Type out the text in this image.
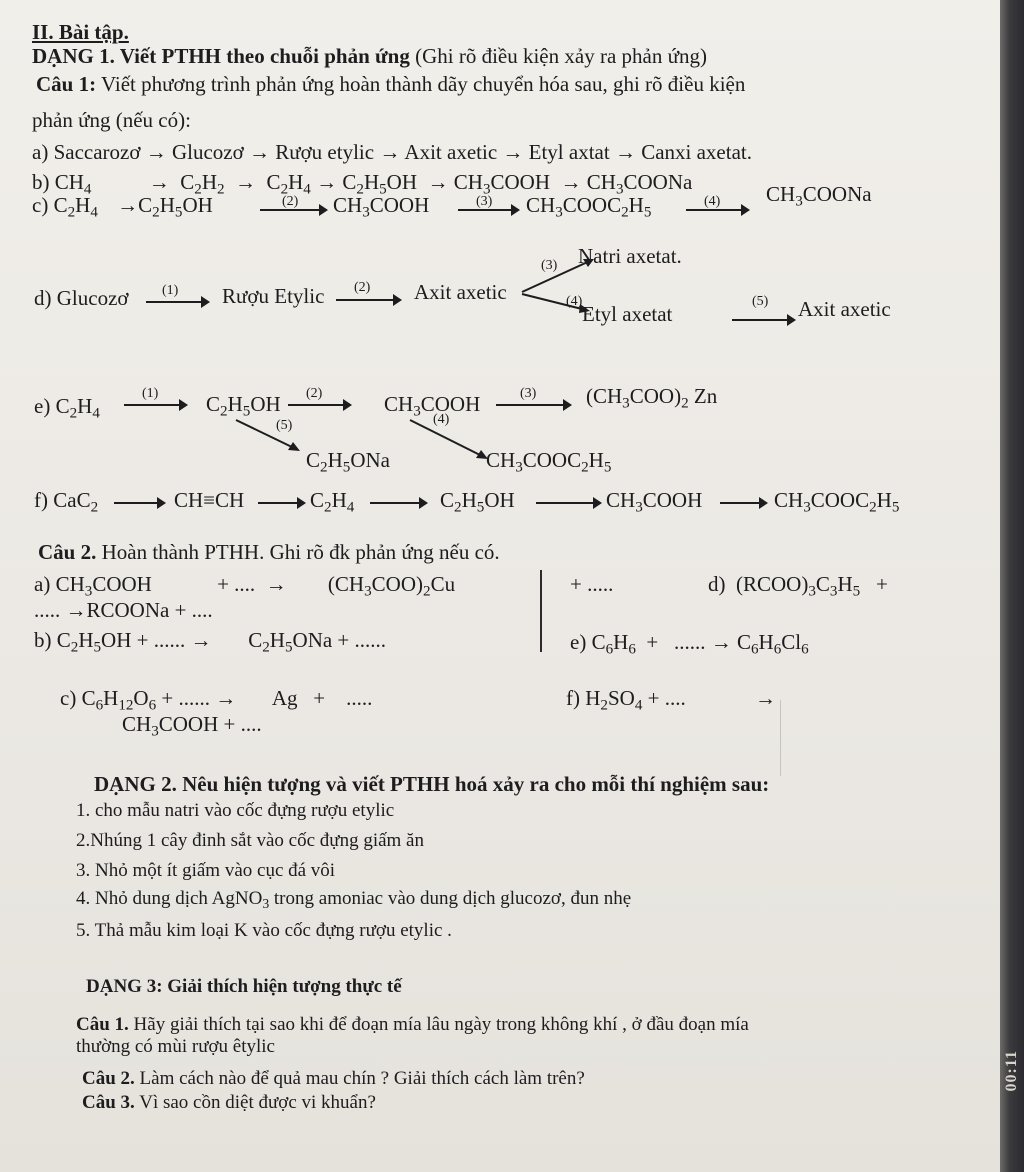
00:11
II. Bài tập.
DẠNG 1. Viết PTHH theo chuỗi phản ứng (Ghi rõ điều kiện xảy ra phản ứng)
Câu 1: Viết phương trình phản ứng hoàn thành dãy chuyển hóa sau, ghi rõ điều kiện
phản ứng (nếu có):
a) Saccarozơ → Glucozơ → Rượu etylic → Axit axetic → Etyl axtat → Canxi axetat.
b) $CH_4$	→  $C_2H_2 \to C_2H_4 \to C_2H_5OH$  → $CH_3COOH$  → $CH_3COONa$
c) $C_2H_4 \to C_2H_5OH$	(2) $CH_3COOH$	(3) $CH_3COOC_2H_5$
(4) $CH_3COONa$
d) Glucozơ (1) Rượu Etylic (2) Axit axetic
(3) Natri axetat.
(4)
Etyl axetat
(5) Axit axetic
e) $C_2H_4$
(1) $C_2H_5OH$ (2)	$CH_3COOH$	(3) $(CH_3COO)_2$ Zn
(5)
$C_2H_5ONa$
(4)
$CH_3COOC_2H_5$
f) CaC$_2$	CH≡CH	$C_2H_4$	$C_2H_5OH$	$CH_3COOH$	$CH_3COOC_2H_5$
Câu 2. Hoàn thành PTHH. Ghi rõ đk phản ứng nếu có.
a) $CH_3COOH$	+ ....  → $(CH_3COO)_2Cu$	+ .....	d)  $(RCOO)_3C_3H_5$   +
..... →RCOONa + ....
b) $C_2H_5OH$ + ...... →       $C_2H_5ONa$ + ......	e) $C_6H_6$  +   ...... → $C_6H_6Cl_6$
c) $C_6H_{12}O_6$ + ...... →       Ag   +    .....	f) $H_2SO_4$ + ....	→
$CH_3COOH$ + ....
DẠNG 2. Nêu hiện tượng và viết PTHH hoá xảy ra cho mỗi thí nghiệm sau:
1. cho mẫu natri vào cốc đựng rượu etylic
2.Nhúng 1 cây đinh sắt vào cốc đựng giấm ăn
3. Nhỏ một ít giấm vào cục đá vôi
4. Nhỏ dung dịch AgNO$_3$ trong amoniac vào dung dịch glucozơ, đun nhẹ
5. Thả mẫu kim loại K vào cốc đựng rượu etylic .
DẠNG 3: Giải thích hiện tượng thực tế
Câu 1. Hãy giải thích tại sao khi để đoạn mía lâu ngày trong không khí , ở đầu đoạn mía
thường có mùi rượu êtylic
Câu 2. Làm cách nào để quả mau chín ? Giải thích cách làm trên?
Câu 3. Vì sao cồn diệt được vi khuẩn?
